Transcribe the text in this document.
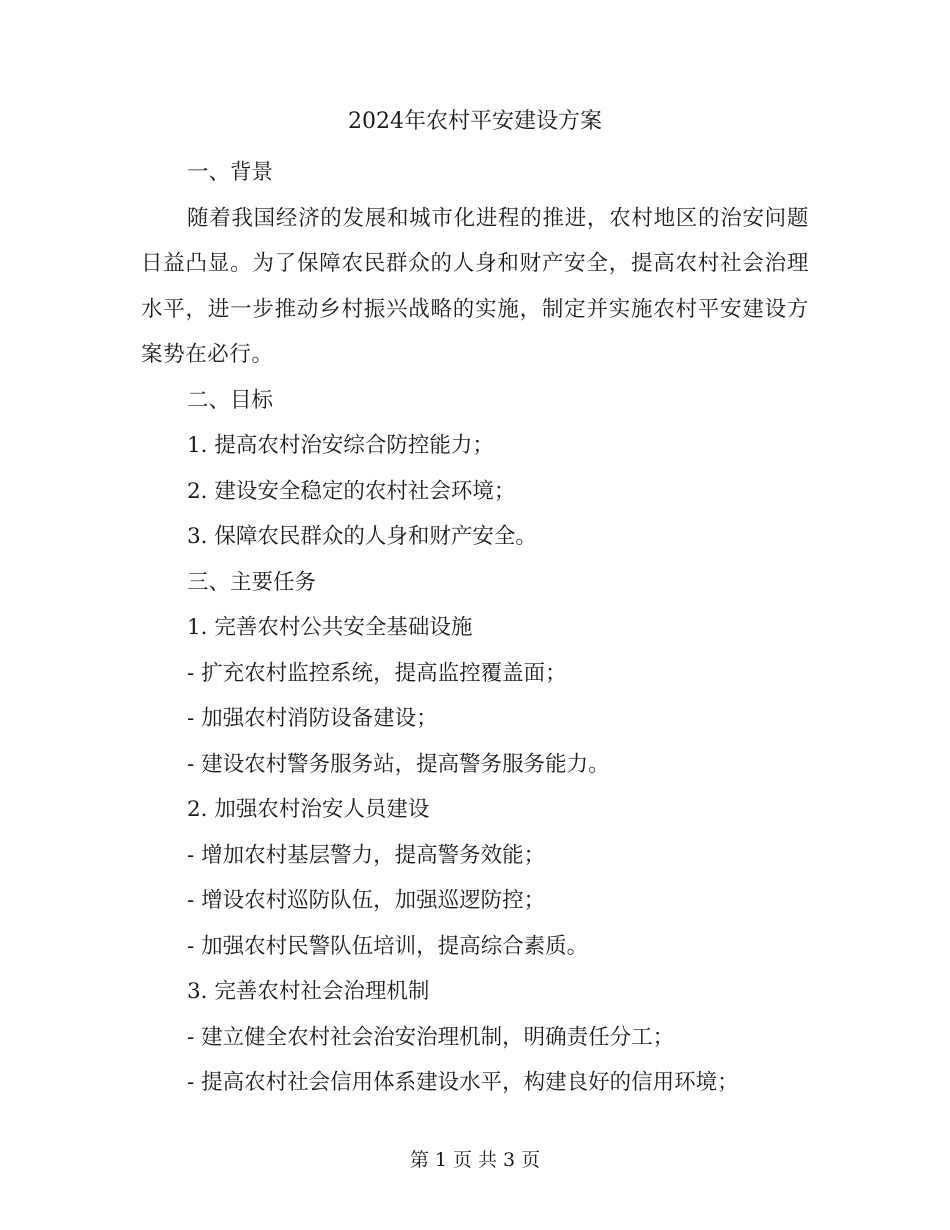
2024年农村平安建设方案
一、背景
随着我国经济的发展和城市化进程的推进，农村地区的治安问题日益凸显。为了保障农民群众的人身和财产安全，提高农村社会治理水平，进一步推动乡村振兴战略的实施，制定并实施农村平安建设方案势在必行。
二、目标
1. 提高农村治安综合防控能力；
2. 建设安全稳定的农村社会环境；
3. 保障农民群众的人身和财产安全。
三、主要任务
1. 完善农村公共安全基础设施
- 扩充农村监控系统，提高监控覆盖面；
- 加强农村消防设备建设；
- 建设农村警务服务站，提高警务服务能力。
2. 加强农村治安人员建设
- 增加农村基层警力，提高警务效能；
- 增设农村巡防队伍，加强巡逻防控；
- 加强农村民警队伍培训，提高综合素质。
3. 完善农村社会治理机制
- 建立健全农村社会治安治理机制，明确责任分工；
- 提高农村社会信用体系建设水平，构建良好的信用环境；
第 1 页 共 3 页
